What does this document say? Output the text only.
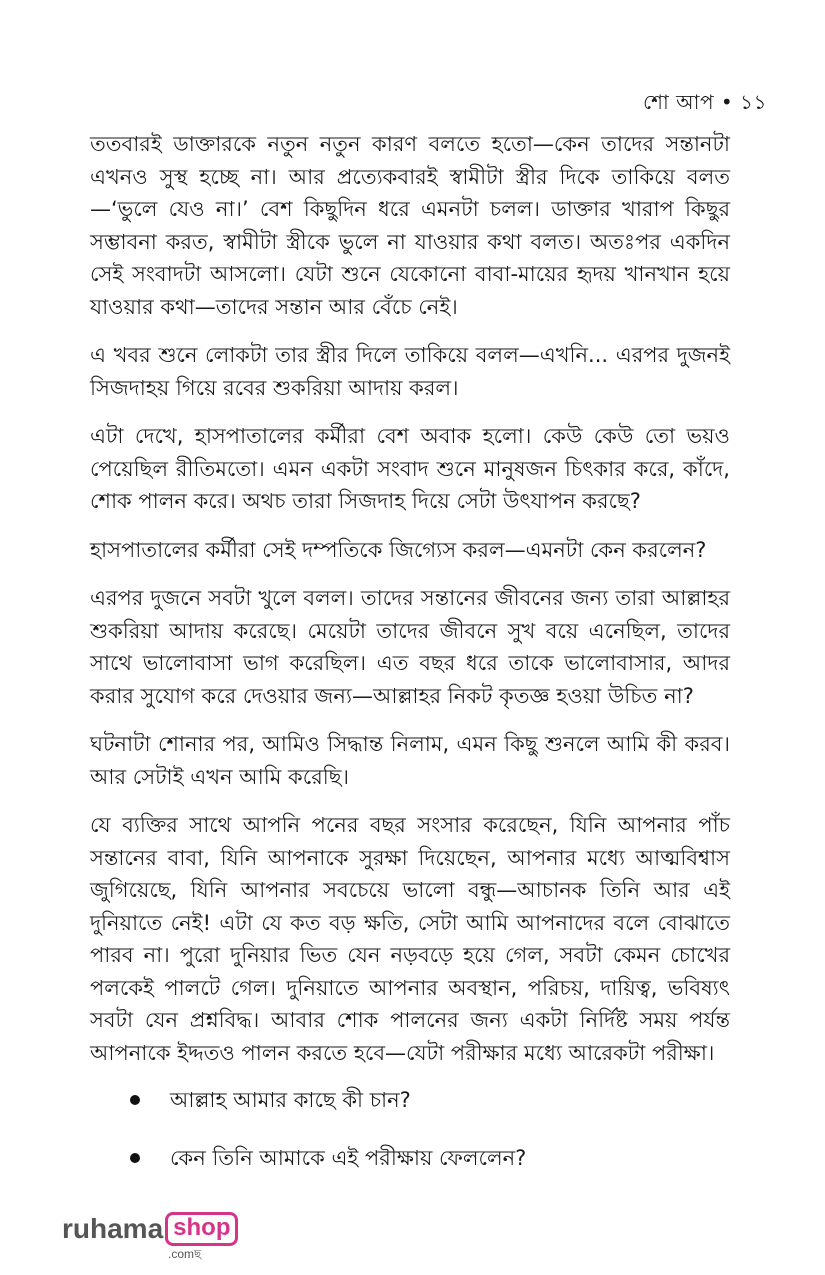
শো আপ • ১১

ততবারই ডাক্তারকে নতুন নতুন কারণ বলতে হতো—কেন তাদের সন্তানটা এখনও সুস্থ হচ্ছে না। আর প্রত্যেকবারই স্বামীটা স্ত্রীর দিকে তাকিয়ে বলত—‘ভুলে যেও না।’ বেশ কিছুদিন ধরে এমনটা চলল। ডাক্তার খারাপ কিছুর সম্ভাবনা করত, স্বামীটা স্ত্রীকে ভুলে না যাওয়ার কথা বলত। অতঃপর একদিন সেই সংবাদটা আসলো। যেটা শুনে যেকোনো বাবা-মায়ের হৃদয় খানখান হয়ে যাওয়ার কথা—তাদের সন্তান আর বেঁচে নেই।

এ খবর শুনে লোকটা তার স্ত্রীর দিলে তাকিয়ে বলল—এখনি... এরপর দুজনই সিজদাহয় গিয়ে রবের শুকরিয়া আদায় করল।

এটা দেখে, হাসপাতালের কর্মীরা বেশ অবাক হলো। কেউ কেউ তো ভয়ও পেয়েছিল রীতিমতো। এমন একটা সংবাদ শুনে মানুষজন চিৎকার করে, কাঁদে, শোক পালন করে। অথচ তারা সিজদাহ দিয়ে সেটা উৎযাপন করছে?

হাসপাতালের কর্মীরা সেই দম্পতিকে জিগ্যেস করল—এমনটা কেন করলেন?

এরপর দুজনে সবটা খুলে বলল। তাদের সন্তানের জীবনের জন্য তারা আল্লাহর শুকরিয়া আদায় করেছে। মেয়েটা তাদের জীবনে সুখ বয়ে এনেছিল, তাদের সাথে ভালোবাসা ভাগ করেছিল। এত বছর ধরে তাকে ভালোবাসার, আদর করার সুযোগ করে দেওয়ার জন্য—আল্লাহর নিকট কৃতজ্ঞ হওয়া উচিত না?

ঘটনাটা শোনার পর, আমিও সিদ্ধান্ত নিলাম, এমন কিছু শুনলে আমি কী করব। আর সেটাই এখন আমি করেছি।

যে ব্যক্তির সাথে আপনি পনের বছর সংসার করেছেন, যিনি আপনার পাঁচ সন্তানের বাবা, যিনি আপনাকে সুরক্ষা দিয়েছেন, আপনার মধ্যে আত্মবিশ্বাস জুগিয়েছে, যিনি আপনার সবচেয়ে ভালো বন্ধু—আচানক তিনি আর এই দুনিয়াতে নেই! এটা যে কত বড় ক্ষতি, সেটা আমি আপনাদের বলে বোঝাতে পারব না। পুরো দুনিয়ার ভিত যেন নড়বড়ে হয়ে গেল, সবটা কেমন চোখের পলকেই পালটে গেল। দুনিয়াতে আপনার অবস্থান, পরিচয়, দায়িত্ব, ভবিষ্যৎ সবটা যেন প্রশ্নবিদ্ধ। আবার শোক পালনের জন্য একটা নির্দিষ্ট সময় পর্যন্ত আপনাকে ইদ্দতও পালন করতে হবে—যেটা পরীক্ষার মধ্যে আরেকটা পরীক্ষা।

আল্লাহ আমার কাছে কী চান?
কেন তিনি আমাকে এই পরীক্ষায় ফেললেন?
ruhama shop
.comছ
